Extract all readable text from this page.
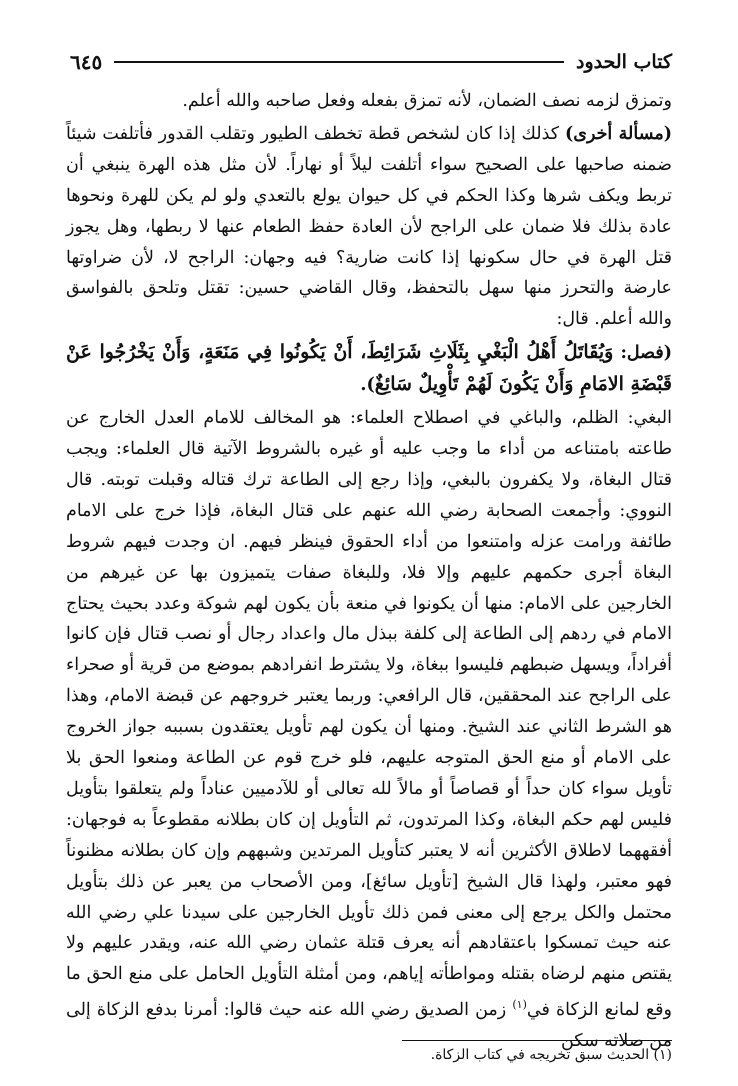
كتاب الحدود
٦٤٥

وتمزق لزمه نصف الضمان، لأنه تمزق بفعله وفعل صاحبه والله أعلم.

(مسألة أخرى) كذلك إذا كان لشخص قطة تخطف الطيور وتقلب القدور فأتلفت شيئاً ضمنه صاحبها على الصحيح سواء أتلفت ليلاً أو نهاراً. لأن مثل هذه الهرة ينبغي أن تربط ويكف شرها وكذا الحكم في كل حيوان يولع بالتعدي ولو لم يكن للهرة ونحوها عادة بذلك فلا ضمان على الراجح لأن العادة حفظ الطعام عنها لا ربطها، وهل يجوز قتل الهرة في حال سكونها إذا كانت ضارية؟ فيه وجهان: الراجح لا، لأن ضراوتها عارضة والتحرز منها سهل بالتحفظ، وقال القاضي حسين: تقتل وتلحق بالفواسق والله أعلم. قال:

(فصل: وَيُقَاتَلُ أَهْلُ الْبَغْيِ بِثَلَاثِ شَرَائِطَ، أَنْ يَكُونُوا فِي مَنَعَةٍ، وَأَنْ يَخْرُجُوا عَنْ قَبْضَةِ الامَامِ وَأَنْ يَكُونَ لَهُمْ تَأْوِيلٌ سَائِغٌ).

البغي: الظلم، والباغي في اصطلاح العلماء: هو المخالف للامام العدل الخارج عن طاعته بامتناعه من أداء ما وجب عليه أو غيره بالشروط الآتية قال العلماء: ويجب قتال البغاة، ولا يكفرون بالبغي، وإذا رجع إلى الطاعة ترك قتاله وقبلت توبته. قال النووي: وأجمعت الصحابة رضي الله عنهم على قتال البغاة، فإذا خرج على الامام طائفة ورامت عزله وامتنعوا من أداء الحقوق فينظر فيهم. ان وجدت فيهم شروط البغاة أجرى حكمهم عليهم وإلا فلا، وللبغاة صفات يتميزون بها عن غيرهم من الخارجين على الامام: منها أن يكونوا في منعة بأن يكون لهم شوكة وعدد بحيث يحتاج الامام في ردهم إلى الطاعة إلى كلفة ببذل مال واعداد رجال أو نصب قتال فإن كانوا أفراداً، ويسهل ضبطهم فليسوا ببغاة، ولا يشترط انفرادهم بموضع من قرية أو صحراء على الراجح عند المحققين، قال الرافعي: وربما يعتبر خروجهم عن قبضة الامام، وهذا هو الشرط الثاني عند الشيخ. ومنها أن يكون لهم تأويل يعتقدون بسببه جواز الخروج على الامام أو منع الحق المتوجه عليهم، فلو خرج قوم عن الطاعة ومنعوا الحق بلا تأويل سواء كان حداً أو قصاصاً أو مالاً لله تعالى أو للآدميين عناداً ولم يتعلقوا بتأويل فليس لهم حكم البغاة، وكذا المرتدون، ثم التأويل إن كان بطلانه مقطوعاً به فوجهان: أفقههما لاطلاق الأكثرين أنه لا يعتبر كتأويل المرتدين وشبههم وإن كان بطلانه مظنوناً فهو معتبر، ولهذا قال الشيخ [تأويل سائغ]، ومن الأصحاب من يعبر عن ذلك بتأويل محتمل والكل يرجع إلى معنى فمن ذلك تأويل الخارجين على سيدنا علي رضي الله عنه حيث تمسكوا باعتقادهم أنه يعرف قتلة عثمان رضي الله عنه، ويقدر عليهم ولا يقتص منهم لرضاه بقتله ومواطأته إياهم، ومن أمثلة التأويل الحامل على منع الحق ما وقع لمانع الزكاة في$^{(١)}$ زمن الصديق رضي الله عنه حيث قالوا: أمرنا بدفع الزكاة إلى من صلاته سكن

(١) الحديث سبق تخريجه في كتاب الزكاة.
